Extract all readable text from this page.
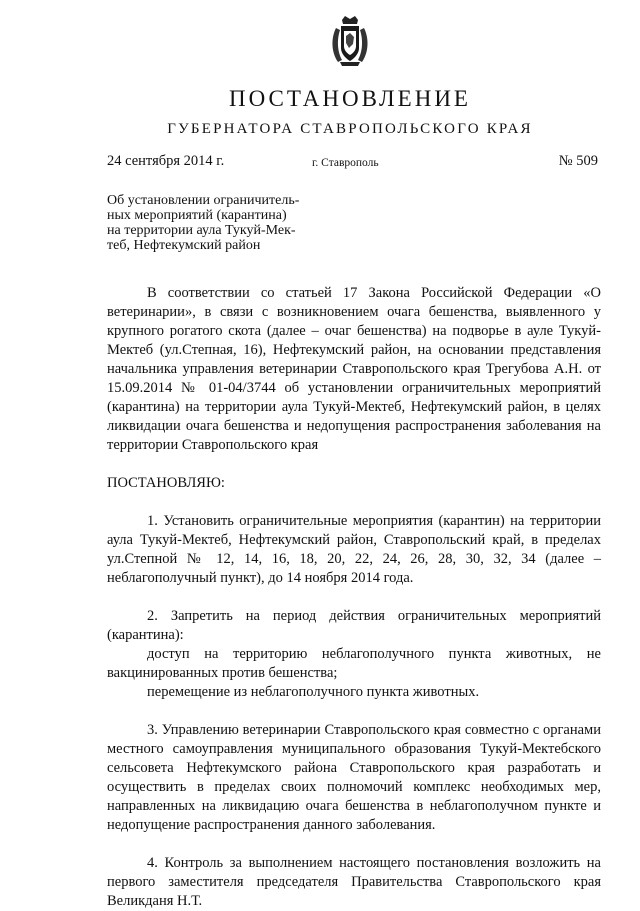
ПОСТАНОВЛЕНИЕ
ГУБЕРНАТОРА СТАВРОПОЛЬСКОГО КРАЯ
24 сентября 2014 г.	г. Ставрополь	№ 509
Об установлении ограничитель-
ных мероприятий (карантина)
на территории аула Тукуй-Мек-
теб, Нефтекумский район

В соответствии со статьей 17 Закона Российской Федерации «О ветеринарии», в связи с возникновением очага бешенства, выявленного у крупного рогатого скота (далее – очаг бешенства) на подворье в ауле Тукуй-Мектеб (ул.Степная, 16), Нефтекумский район, на основании представления начальника управления ветеринарии Ставропольского края Трегубова А.Н. от 15.09.2014 № 01-04/3744 об установлении ограничительных мероприятий (карантина) на территории аула Тукуй-Мектеб, Нефтекумский район, в целях ликвидации очага бешенства и недопущения распространения заболевания на территории Ставропольского края

ПОСТАНОВЛЯЮ:

1. Установить ограничительные мероприятия (карантин) на территории аула Тукуй-Мектеб, Нефтекумский район, Ставропольский край, в пределах ул.Степной № 12, 14, 16, 18, 20, 22, 24, 26, 28, 30, 32, 34 (далее – неблагополучный пункт), до 14 ноября 2014 года.

2. Запретить на период действия ограничительных мероприятий (карантина):

доступ на территорию неблагополучного пункта животных, не вакцинированных против бешенства;

перемещение из неблагополучного пункта животных.

3. Управлению ветеринарии Ставропольского края совместно с органами местного самоуправления муниципального образования Тукуй-Мектебского сельсовета Нефтекумского района Ставропольского края разработать и осуществить в пределах своих полномочий комплекс необходимых мер, направленных на ликвидацию очага бешенства в неблагополучном пункте и недопущение распространения данного заболевания.

4. Контроль за выполнением настоящего постановления возложить на первого заместителя председателя Правительства Ставропольского края Великданя Н.Т.
